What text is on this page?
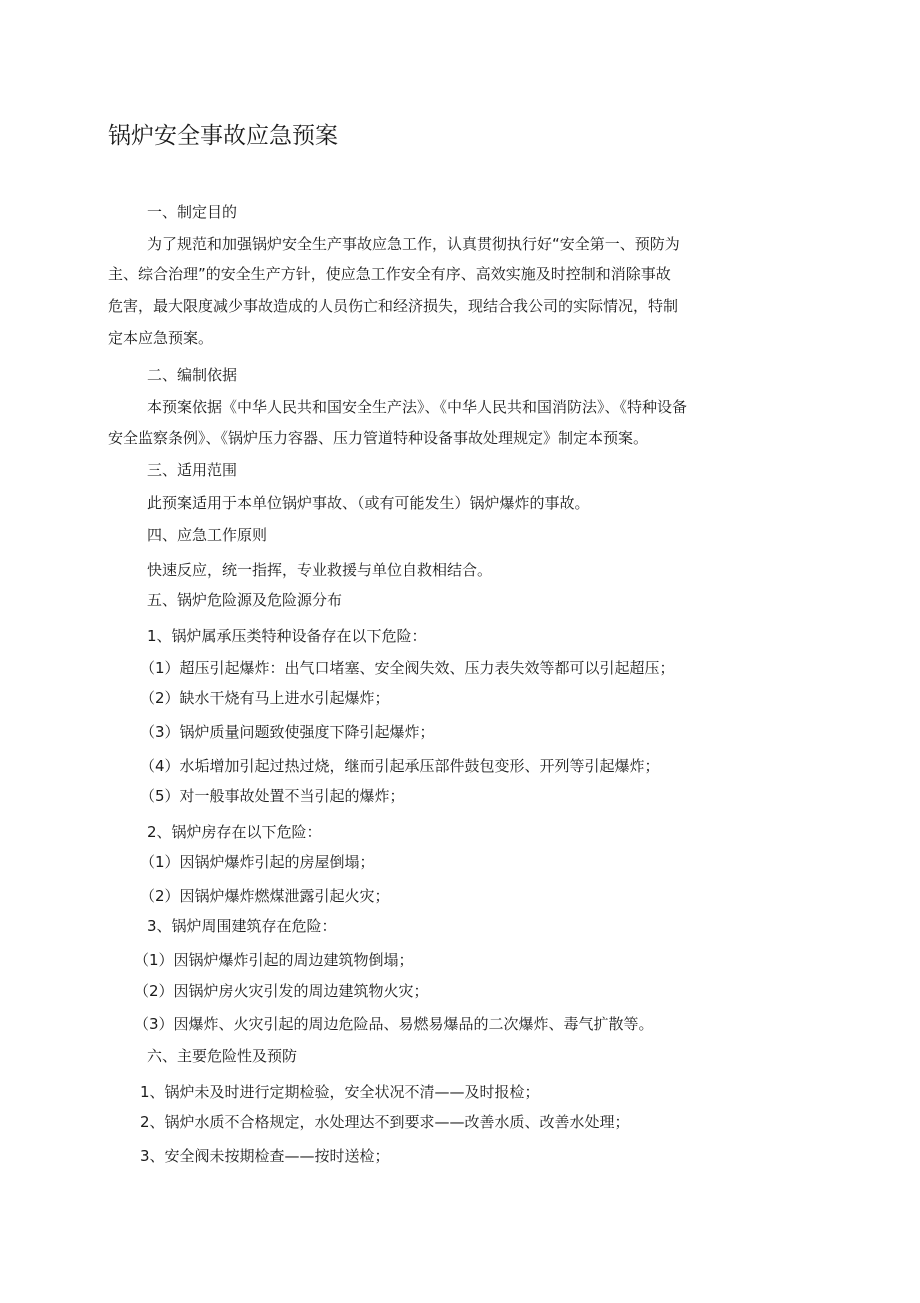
锅炉安全事故应急预案
一、制定目的
为了规范和加强锅炉安全生产事故应急工作，认真贯彻执行好“安全第一、预防为
主、综合治理”的安全生产方针，使应急工作安全有序、高效实施及时控制和消除事故
危害，最大限度减少事故造成的人员伤亡和经济损失，现结合我公司的实际情况，特制
定本应急预案。
二、编制依据
本预案依据《中华人民共和国安全生产法》、《中华人民共和国消防法》、《特种设备
安全监察条例》、《锅炉压力容器、压力管道特种设备事故处理规定》制定本预案。
三、适用范围
此预案适用于本单位锅炉事故、（或有可能发生）锅炉爆炸的事故。
四、应急工作原则
快速反应，统一指挥，专业救援与单位自救相结合。
五、锅炉危险源及危险源分布
1、锅炉属承压类特种设备存在以下危险：
（1）超压引起爆炸：出气口堵塞、安全阀失效、压力表失效等都可以引起超压；
（2）缺水干烧有马上进水引起爆炸；
（3）锅炉质量问题致使强度下降引起爆炸；
（4）水垢增加引起过热过烧，继而引起承压部件鼓包变形、开列等引起爆炸；
（5）对一般事故处置不当引起的爆炸；
2、锅炉房存在以下危险：
（1）因锅炉爆炸引起的房屋倒塌；
（2）因锅炉爆炸燃煤泄露引起火灾；
3、锅炉周围建筑存在危险：
（1）因锅炉爆炸引起的周边建筑物倒塌；
（2）因锅炉房火灾引发的周边建筑物火灾；
（3）因爆炸、火灾引起的周边危险品、易燃易爆品的二次爆炸、毒气扩散等。
六、主要危险性及预防
1、锅炉未及时进行定期检验，安全状况不清——及时报检；
2、锅炉水质不合格规定，水处理达不到要求——改善水质、改善水处理；
3、安全阀未按期检查——按时送检；
